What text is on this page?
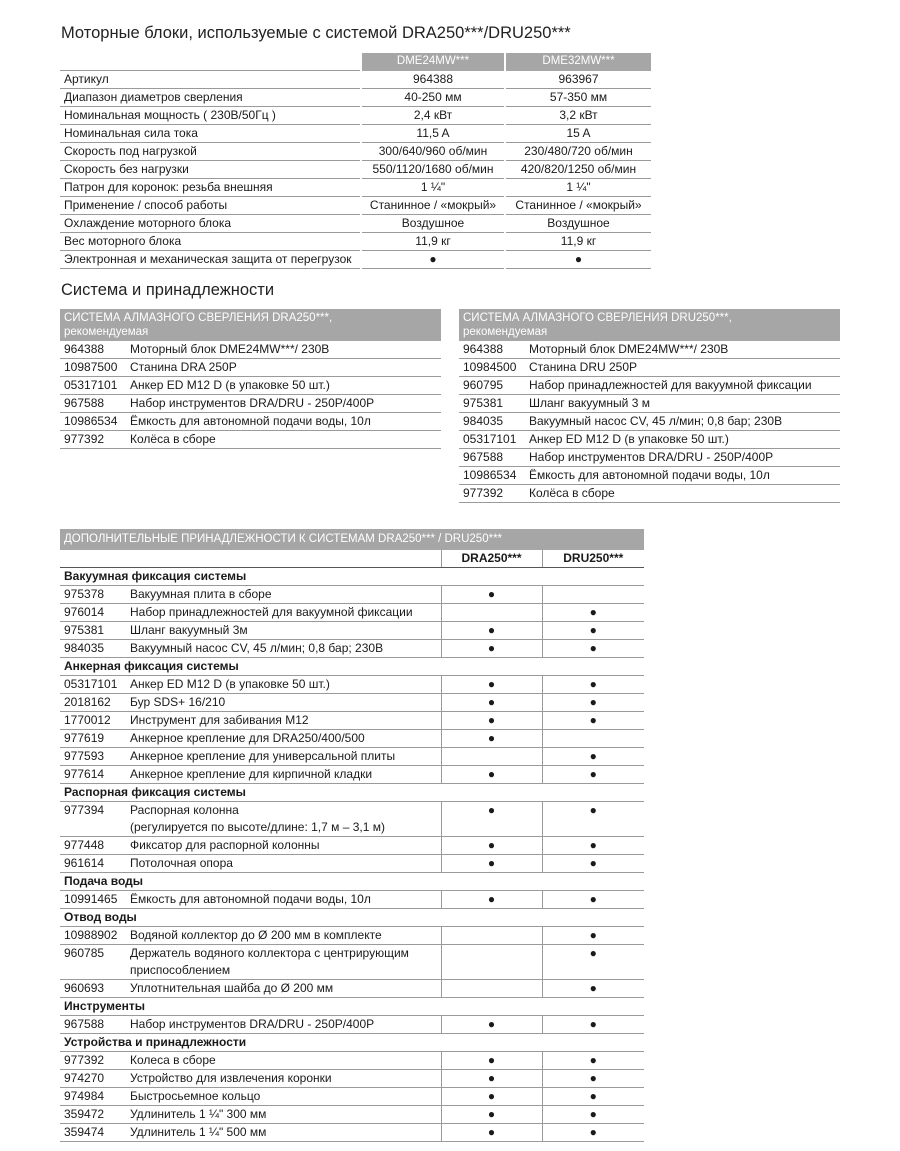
Моторные блоки, используемые с системой DRA250***/DRU250***
	DME24MW***	DME32MW***
Артикул	964388	963967
Диапазон диаметров сверления	40-250 мм	57-350 мм
Номинальная мощность ( 230В/50Гц )	2,4 кВт	3,2 кВт
Номинальная сила тока	11,5 A	15 A
Скорость под нагрузкой	300/640/960 об/мин	230/480/720 об/мин
Скорость без нагрузки	550/1120/1680 об/мин	420/820/1250 об/мин
Патрон для коронок: резьба внешняя	1 ¼"	1 ¼"
Применение / способ работы	Станинное / «мокрый»	Станинное / «мокрый»
Охлаждение моторного блока	Воздушное	Воздушное
Вес моторного блока	11,9 кг	11,9 кг
Электронная и механическая защита от перегрузок	●	●
Система и принадлежности
СИСТЕМА АЛМАЗНОГО СВЕРЛЕНИЯ DRA250***,
рекомендуемая	

964388	Моторный блок DME24MW***/ 230B
10987500	Станина DRA 250P
05317101	Анкер ED M12 D (в упаковке 50 шт.)
967588	Набор инструментов DRA/DRU - 250P/400P
10986534	Ёмкость для автономной подачи воды, 10л
977392	Колёса в сборе
СИСТЕМА АЛМАЗНОГО СВЕРЛЕНИЯ DRU250***,
рекомендуемая	

964388	Моторный блок DME24MW***/ 230B
10984500	Станина DRU 250P
960795	Набор принадлежностей для вакуумной фиксации
975381	Шланг вакуумный 3 м
984035	Вакуумный насос CV, 45 л/мин; 0,8 бар; 230B
05317101	Анкер ED M12 D (в упаковке 50 шт.)
967588	Набор инструментов DRA/DRU - 250P/400P
10986534	Ёмкость для автономной подачи воды, 10л
977392	Колёса в сборе
ДОПОЛНИТЕЛЬНЫЕ ПРИНАДЛЕЖНОСТИ К СИСТЕМАМ DRA250*** / DRU250***			
		DRA250***	DRU250***
Вакуумная фиксация системы			
975378	Вакуумная плита в сборе	●	
976014	Набор принадлежностей для вакуумной фиксации		●
975381	Шланг вакуумный 3м	●	●
984035	Вакуумный насос CV, 45 л/мин; 0,8 бар; 230B	●	●
Анкерная фиксация системы			
05317101	Анкер ED M12 D (в упаковке 50 шт.)	●	●
2018162	Бур SDS+ 16/210	●	●
1770012	Инструмент для забивания M12	●	●
977619	Анкерное крепление для DRA250/400/500	●	
977593	Анкерное крепление для универсальной плиты		●
977614	Анкерное крепление для кирпичной кладки	●	●
Распорная фиксация системы			
977394	Распорная колонна
(регулируется по высоте/длине: 1,7 м – 3,1 м)	●	●
977448	Фиксатор для распорной колонны	●	●
961614	Потолочная опора	●	●
Подача воды			
10991465	Ёмкость для автономной подачи воды, 10л	●	●
Отвод воды			
10988902	Водяной коллектор до Ø 200 мм в комплекте		●
960785	Держатель водяного коллектора с центрирующим
приспособлением		●
960693	Уплотнительная шайба до Ø 200 мм		●
Инструменты			
967588	Набор инструментов DRA/DRU - 250P/400P	●	●
Устройства и принадлежности			
977392	Колеса в сборе	●	●
974270	Устройство для извлечения коронки	●	●
974984	Быстросьемное кольцо	●	●
359472	Удлинитель 1 ¼" 300 мм	●	●
359474	Удлинитель 1 ¼" 500 мм	●	●
